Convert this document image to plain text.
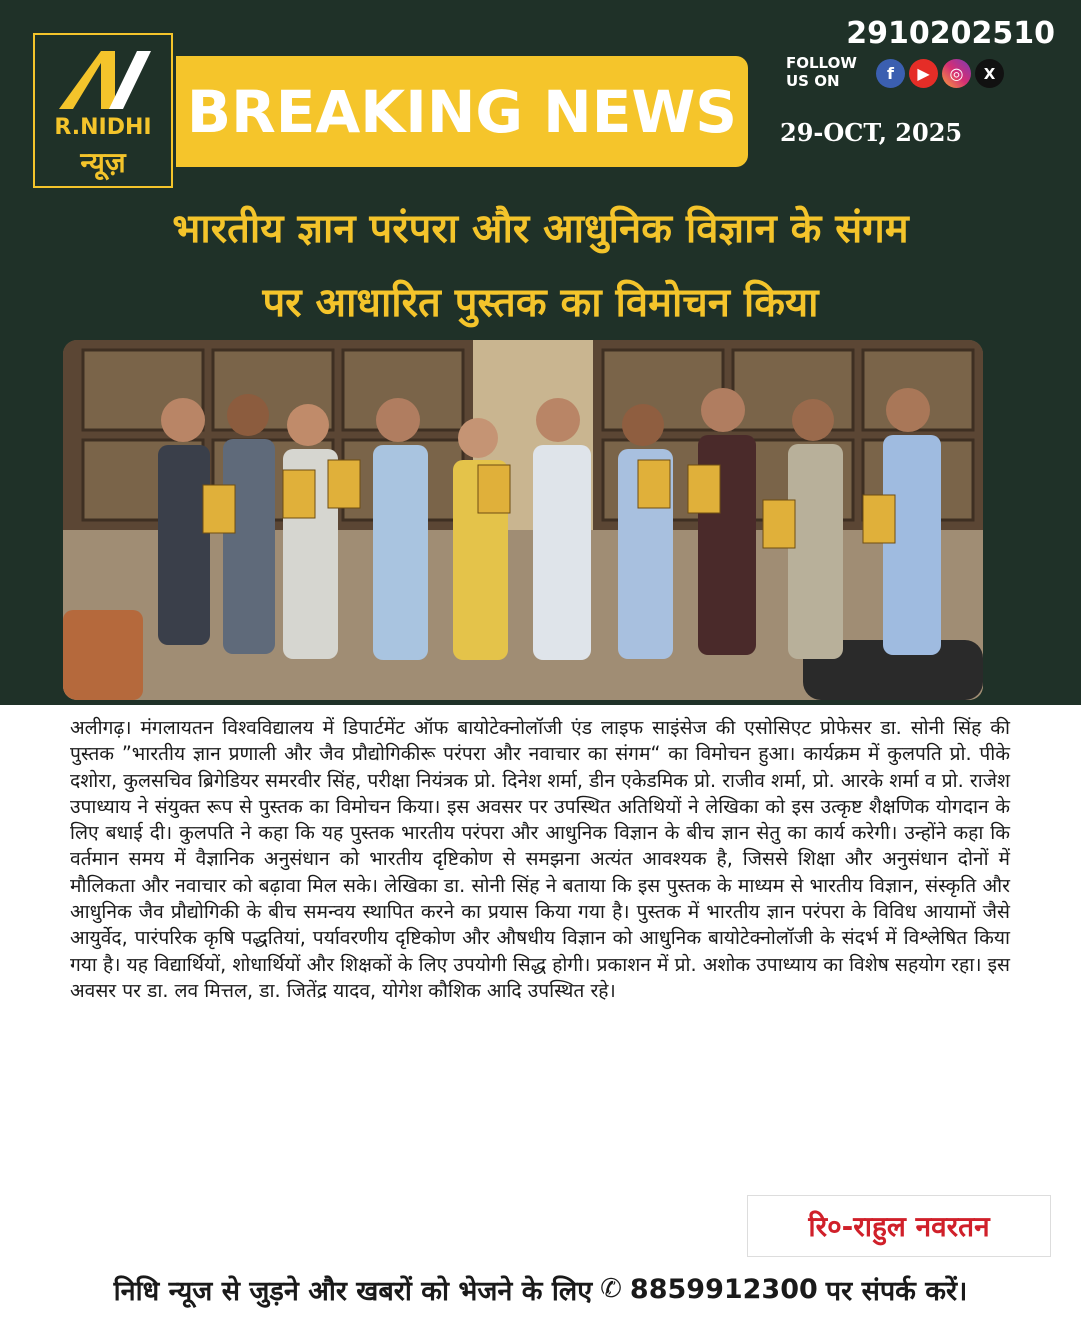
R.NIDHI
न्यूज़
BREAKING NEWS
2910202510
FOLLOW
US ON	f	▶	◎	X
29-OCT, 2025
भारतीय ज्ञान परंपरा और आधुनिक विज्ञान के संगम
पर आधारित पुस्तक का विमोचन किया
अलीगढ़। मंगलायतन विश्वविद्यालय में डिपार्टमेंट ऑफ बायोटेक्नोलॉजी एंड लाइफ साइंसेज की एसोसिएट प्रोफेसर डा. सोनी सिंह की पुस्तक ”भारतीय ज्ञान प्रणाली और जैव प्रौद्योगिकीरू परंपरा और नवाचार का संगम“ का विमोचन हुआ। कार्यक्रम में कुलपति प्रो. पीके दशोरा, कुलसचिव ब्रिगेडियर समरवीर सिंह, परीक्षा नियंत्रक प्रो. दिनेश शर्मा, डीन एकेडमिक प्रो. राजीव शर्मा, प्रो. आरके शर्मा व प्रो. राजेश उपाध्याय ने संयुक्त रूप से पुस्तक का विमोचन किया। इस अवसर पर उपस्थित अतिथियों ने लेखिका को इस उत्कृष्ट शैक्षणिक योगदान के लिए बधाई दी। कुलपति ने कहा कि यह पुस्तक भारतीय परंपरा और आधुनिक विज्ञान के बीच ज्ञान सेतु का कार्य करेगी। उन्होंने कहा कि वर्तमान समय में वैज्ञानिक अनुसंधान को भारतीय दृष्टिकोण से समझना अत्यंत आवश्यक है, जिससे शिक्षा और अनुसंधान दोनों में मौलिकता और नवाचार को बढ़ावा मिल सके। लेखिका डा. सोनी सिंह ने बताया कि इस पुस्तक के माध्यम से भारतीय विज्ञान, संस्कृति और आधुनिक जैव प्रौद्योगिकी के बीच समन्वय स्थापित करने का प्रयास किया गया है। पुस्तक में भारतीय ज्ञान परंपरा के विविध आयामों जैसे आयुर्वेद, पारंपरिक कृषि पद्धतियां, पर्यावरणीय दृष्टिकोण और औषधीय विज्ञान को आधुनिक बायोटेक्नोलॉजी के संदर्भ में विश्लेषित किया गया है। यह विद्यार्थियों, शोधार्थियों और शिक्षकों के लिए उपयोगी सिद्ध होगी। प्रकाशन में प्रो. अशोक उपाध्याय का विशेष सहयोग रहा। इस अवसर पर डा. लव मित्तल, डा. जितेंद्र यादव, योगेश कौशिक आदि उपस्थित रहे।
रि०-राहुल नवरतन
निधि न्यूज से जुड़ने और खबरों को भेजने के लिए ✆ 8859912300 पर संपर्क करें।
